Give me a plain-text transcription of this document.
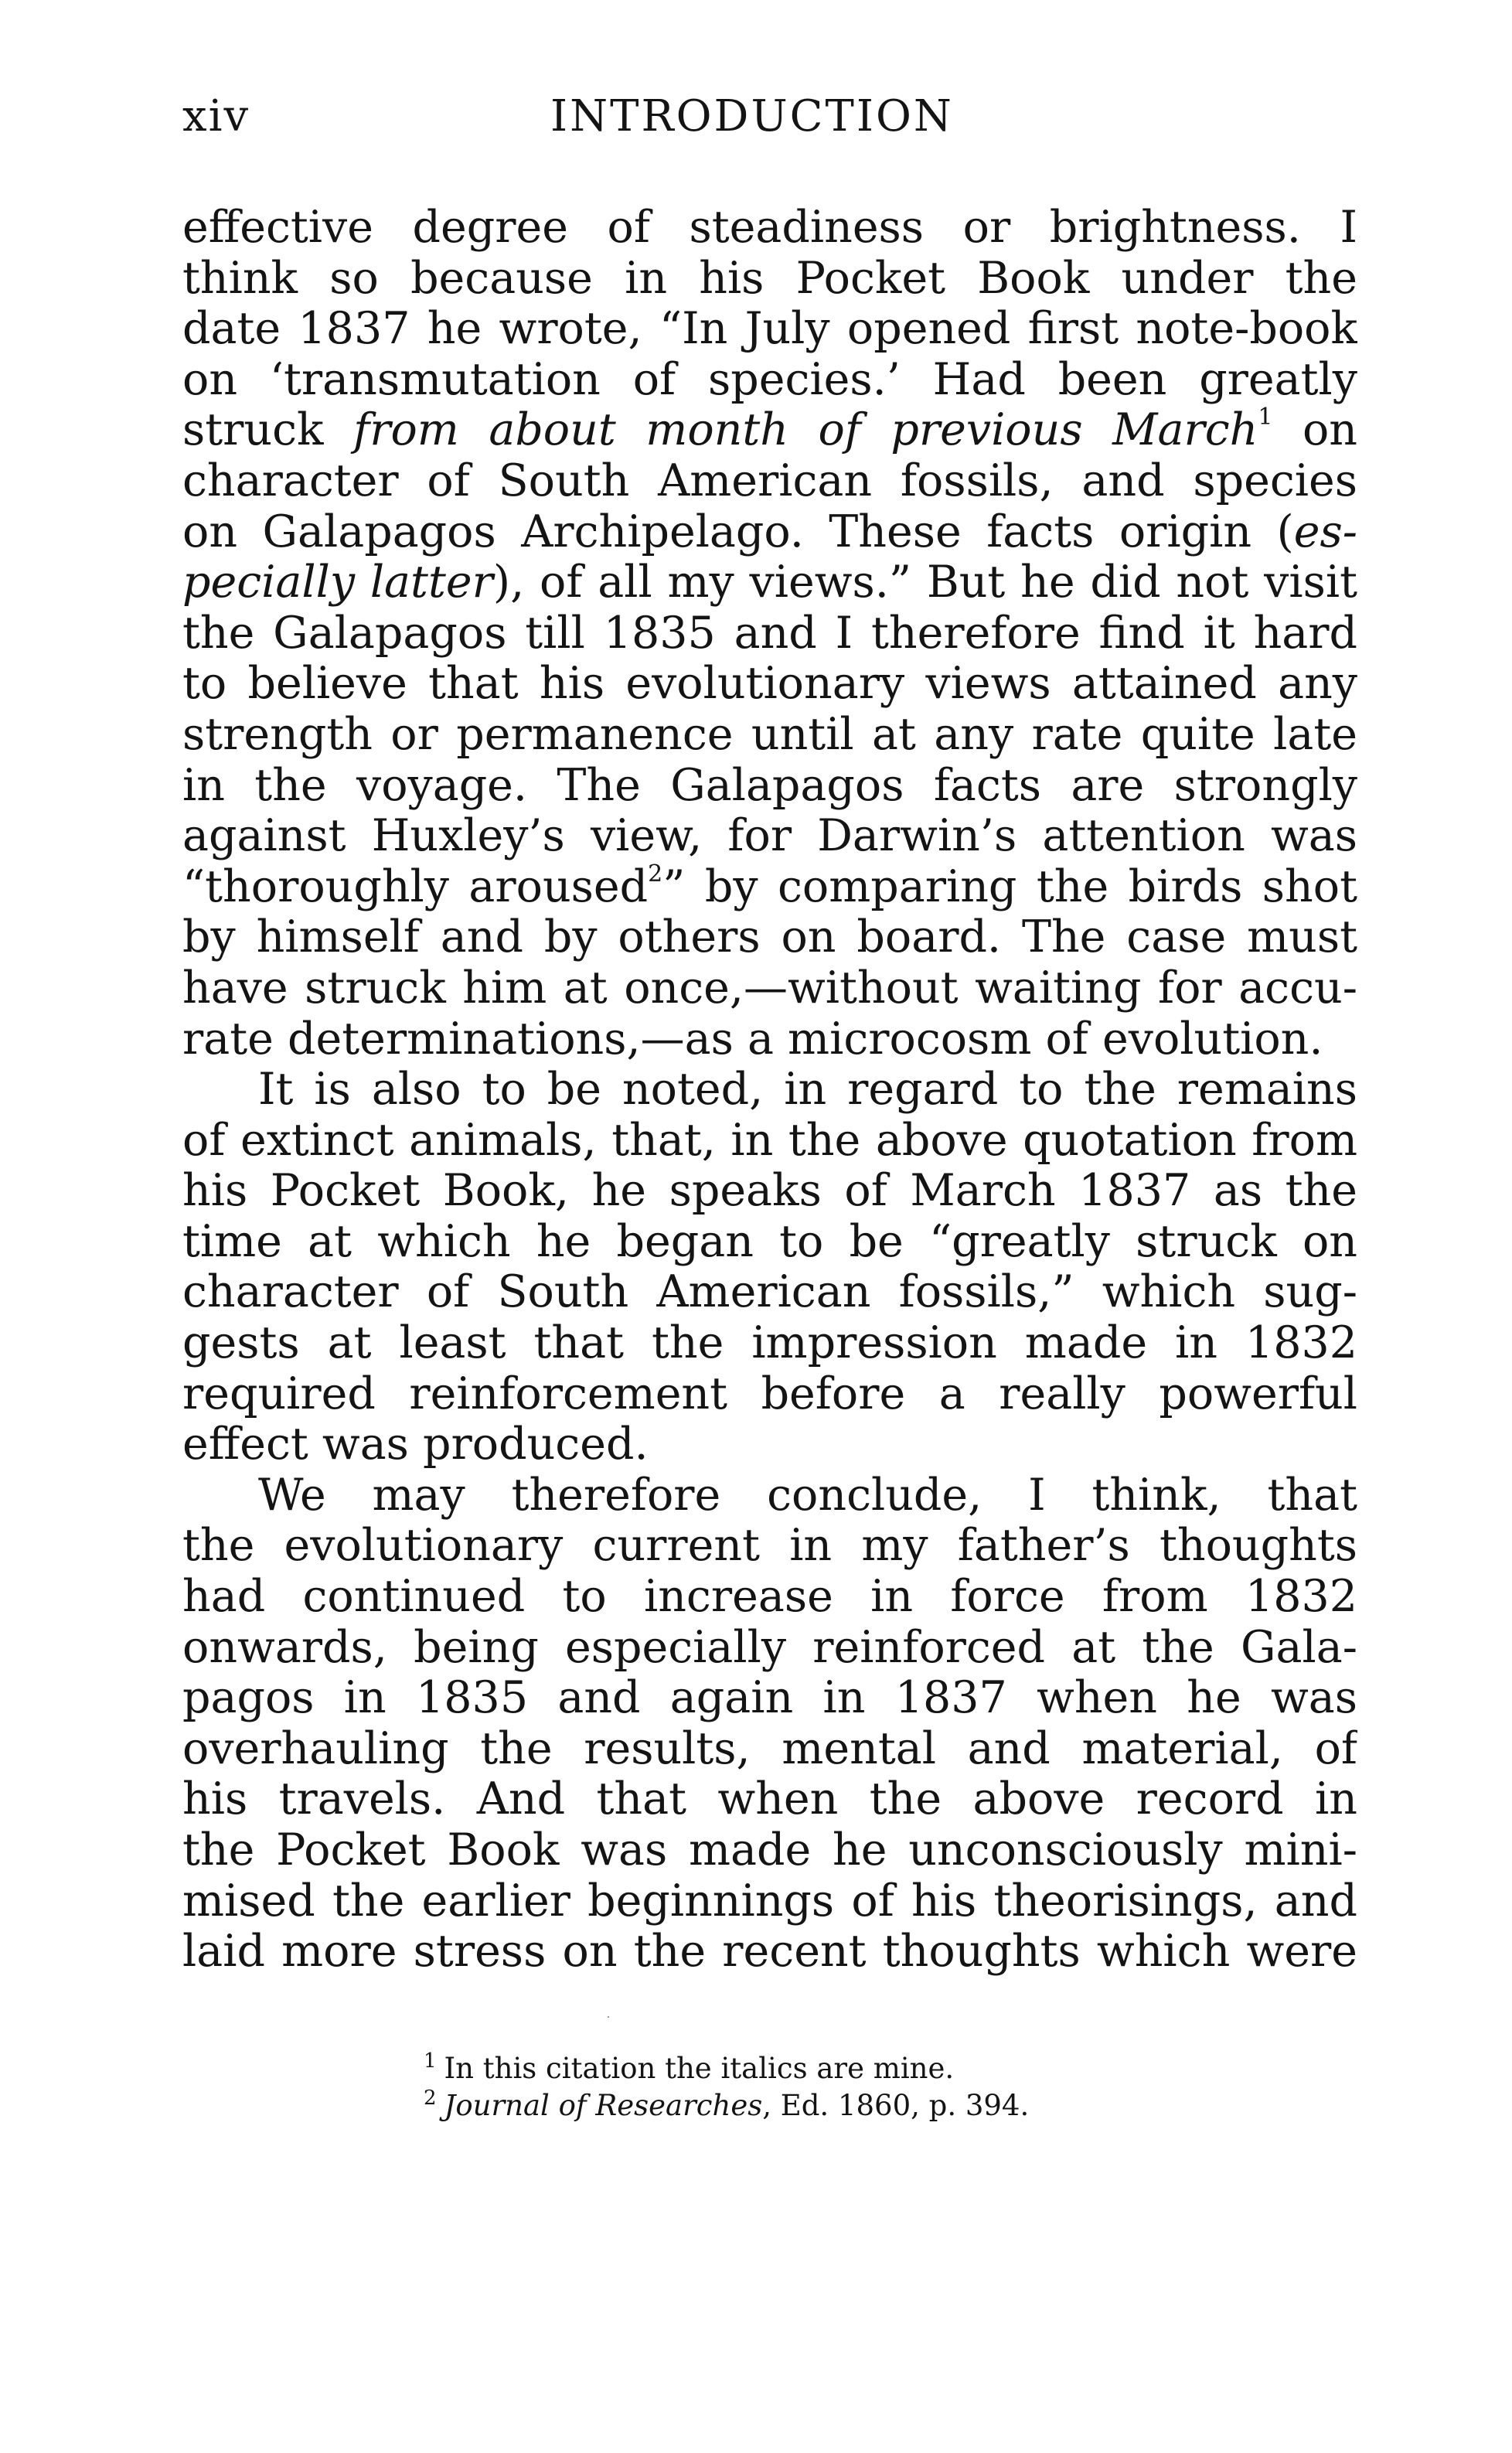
xiv	INTRODUCTION
effective degree of steadiness or brightness. I
think so because in his Pocket Book under the
date 1837 he wrote, “In July opened first note-book
on ‘transmutation of species.’ Had been greatly
struck from about month of previous March$^1$ on
character of South American fossils, and species
on Galapagos Archipelago. These facts origin (es-
pecially latter), of all my views.” But he did not visit
the Galapagos till 1835 and I therefore find it hard
to believe that his evolutionary views attained any
strength or permanence until at any rate quite late
in the voyage. The Galapagos facts are strongly
against Huxley’s view, for Darwin’s attention was
“thoroughly aroused$^2$” by comparing the birds shot
by himself and by others on board. The case must
have struck him at once,—without waiting for accu-
rate determinations,—as a microcosm of evolution.
It is also to be noted, in regard to the remains
of extinct animals, that, in the above quotation from
his Pocket Book, he speaks of March 1837 as the
time at which he began to be “greatly struck on
character of South American fossils,” which sug-
gests at least that the impression made in 1832
required reinforcement before a really powerful
effect was produced.
We may therefore conclude, I think, that
the evolutionary current in my father’s thoughts
had continued to increase in force from 1832
onwards, being especially reinforced at the Gala-
pagos in 1835 and again in 1837 when he was
overhauling the results, mental and material, of
his travels. And that when the above record in
the Pocket Book was made he unconsciously mini-
mised the earlier beginnings of his theorisings, and
laid more stress on the recent thoughts which were
$^1$ In this citation the italics are mine.
$^2$ Journal of Researches, Ed. 1860, p. 394.
